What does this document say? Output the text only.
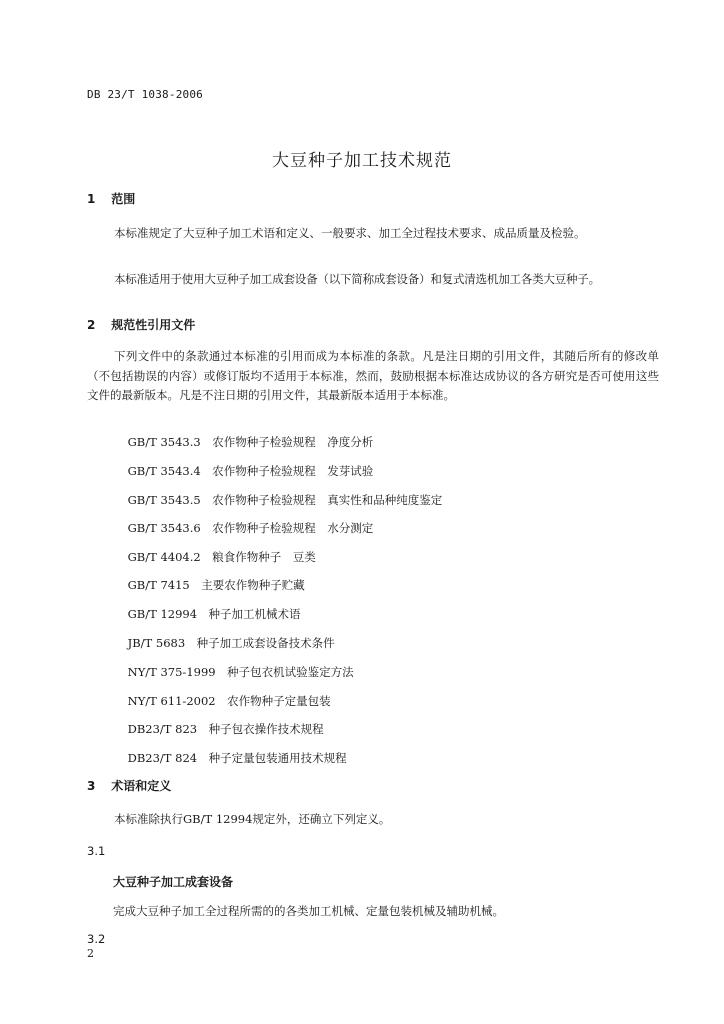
DB 23/T 1038-2006
大豆种子加工技术规范
1 范围
本标准规定了大豆种子加工术语和定义、一般要求、加工全过程技术要求、成品质量及检验。
本标准适用于使用大豆种子加工成套设备（以下简称成套设备）和复式清选机加工各类大豆种子。
2 规范性引用文件
下列文件中的条款通过本标准的引用而成为本标准的条款。凡是注日期的引用文件，其随后所有的修改单（不包括勘误的内容）或修订版均不适用于本标准，然而，鼓励根据本标准达成协议的各方研究是否可使用这些文件的最新版本。凡是不注日期的引用文件，其最新版本适用于本标准。

GB/T 3543.3　 农作物种子检验规程　净度分析

GB/T 3543.4　 农作物种子检验规程　发芽试验

GB/T 3543.5　 农作物种子检验规程　真实性和品种纯度鉴定

GB/T 3543.6　 农作物种子检验规程　水分测定

GB/T 4404.2　 粮食作物种子　豆类

GB/T 7415　 主要农作物种子贮藏

GB/T 12994　 种子加工机械术语

JB/T 5683　 种子加工成套设备技术条件

NY/T 375-1999　 种子包衣机试验鉴定方法

NY/T 611-2002　 农作物种子定量包装

DB23/T 823　 种子包衣操作技术规程

DB23/T 824　 种子定量包装通用技术规程

3 术语和定义
本标准除执行GB/T 12994规定外，还确立下列定义。
3.1
大豆种子加工成套设备
完成大豆种子加工全过程所需的的各类加工机械、定量包装机械及辅助机械。
3.2
2
